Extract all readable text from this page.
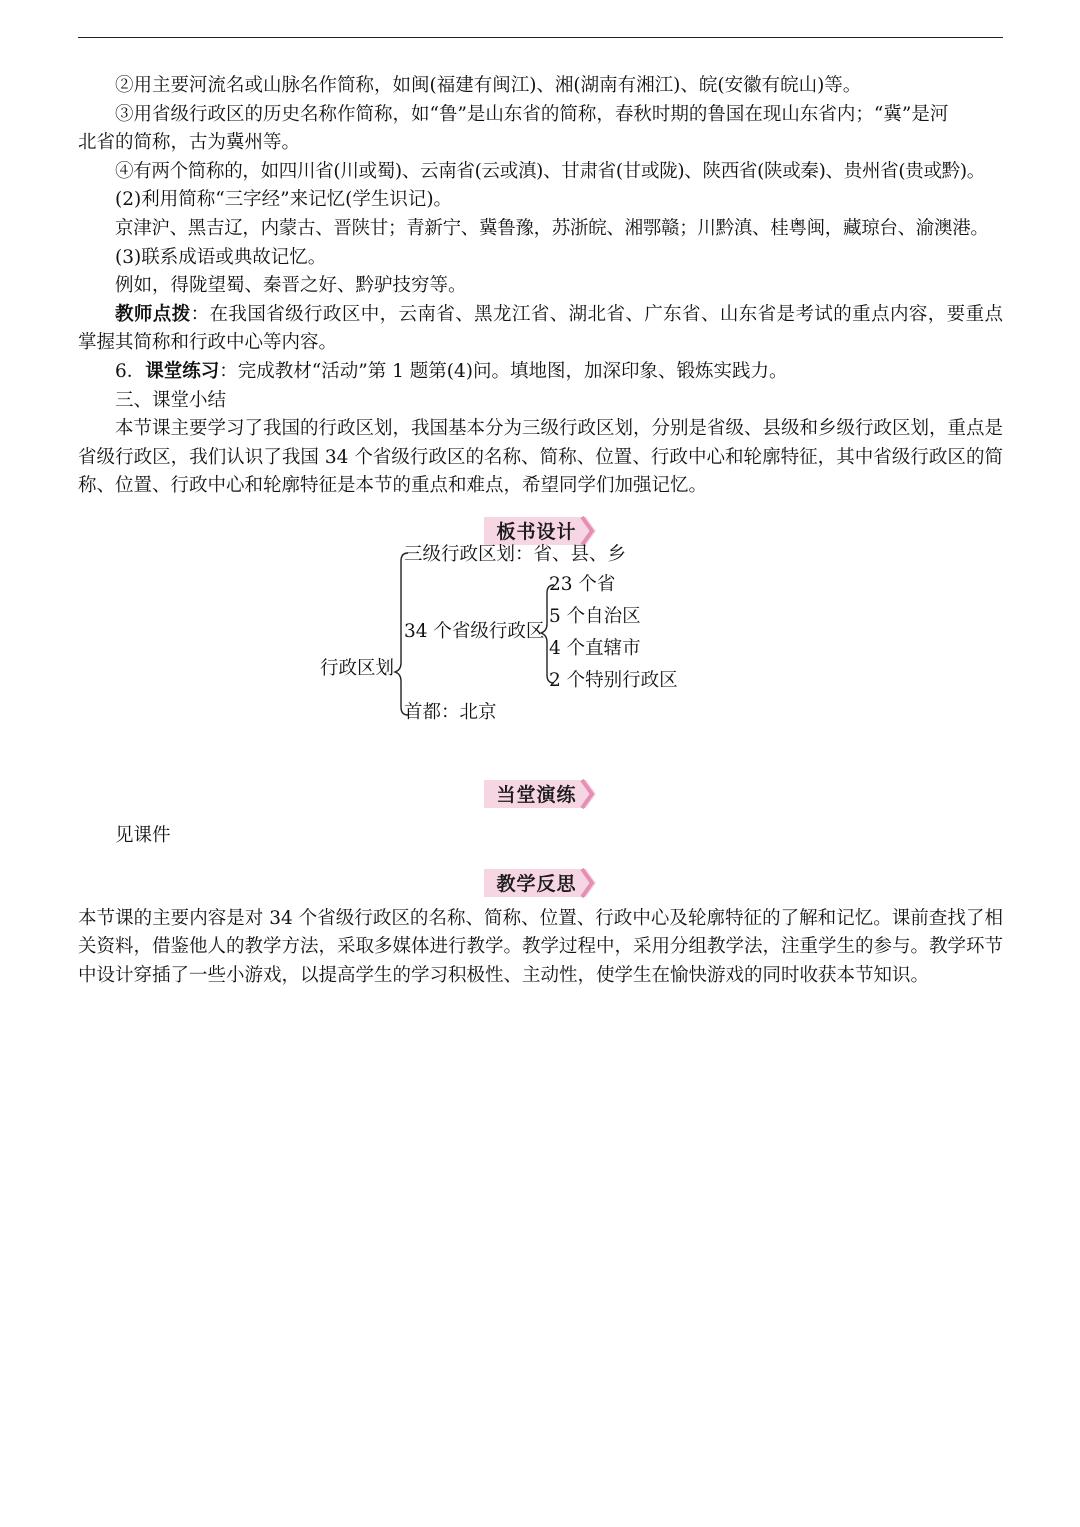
②用主要河流名或山脉名作简称，如闽(福建有闽江)、湘(湖南有湘江)、皖(安徽有皖山)等。

③用省级行政区的历史名称作简称，如“鲁”是山东省的简称，春秋时期的鲁国在现山东省内；“冀”是河

北省的简称，古为冀州等。

④有两个简称的，如四川省(川或蜀)、云南省(云或滇)、甘肃省(甘或陇)、陕西省(陕或秦)、贵州省(贵或黔)。

(2)利用简称“三字经”来记忆(学生识记)。

京津沪、黑吉辽，内蒙古、晋陕甘；青新宁、冀鲁豫，苏浙皖、湘鄂赣；川黔滇、桂粤闽，藏琼台、渝澳港。

(3)联系成语或典故记忆。

例如，得陇望蜀、秦晋之好、黔驴技穷等。

教师点拨：在我国省级行政区中，云南省、黑龙江省、湖北省、广东省、山东省是考试的重点内容，要重点掌握其简称和行政中心等内容。

6．课堂练习：完成教材“活动”第 1 题第(4)问。填地图，加深印象、锻炼实践力。

三、课堂小结

本节课主要学习了我国的行政区划，我国基本分为三级行政区划，分别是省级、县级和乡级行政区划，重点是省级行政区，我们认识了我国 34 个省级行政区的名称、简称、位置、行政中心和轮廓特征，其中省级行政区的简称、位置、行政中心和轮廓特征是本节的重点和难点，希望同学们加强记忆。

板书设计
行政区划
三级行政区划：省、县、乡
34 个省级行政区
首都：北京
23 个省
5 个自治区
4 个直辖市
2 个特别行政区
当堂演练

见课件

教学反思

本节课的主要内容是对 34 个省级行政区的名称、简称、位置、行政中心及轮廓特征的了解和记忆。课前查找了相关资料，借鉴他人的教学方法，采取多媒体进行教学。教学过程中，采用分组教学法，注重学生的参与。教学环节中设计穿插了一些小游戏，以提高学生的学习积极性、主动性，使学生在愉快游戏的同时收获本节知识。
